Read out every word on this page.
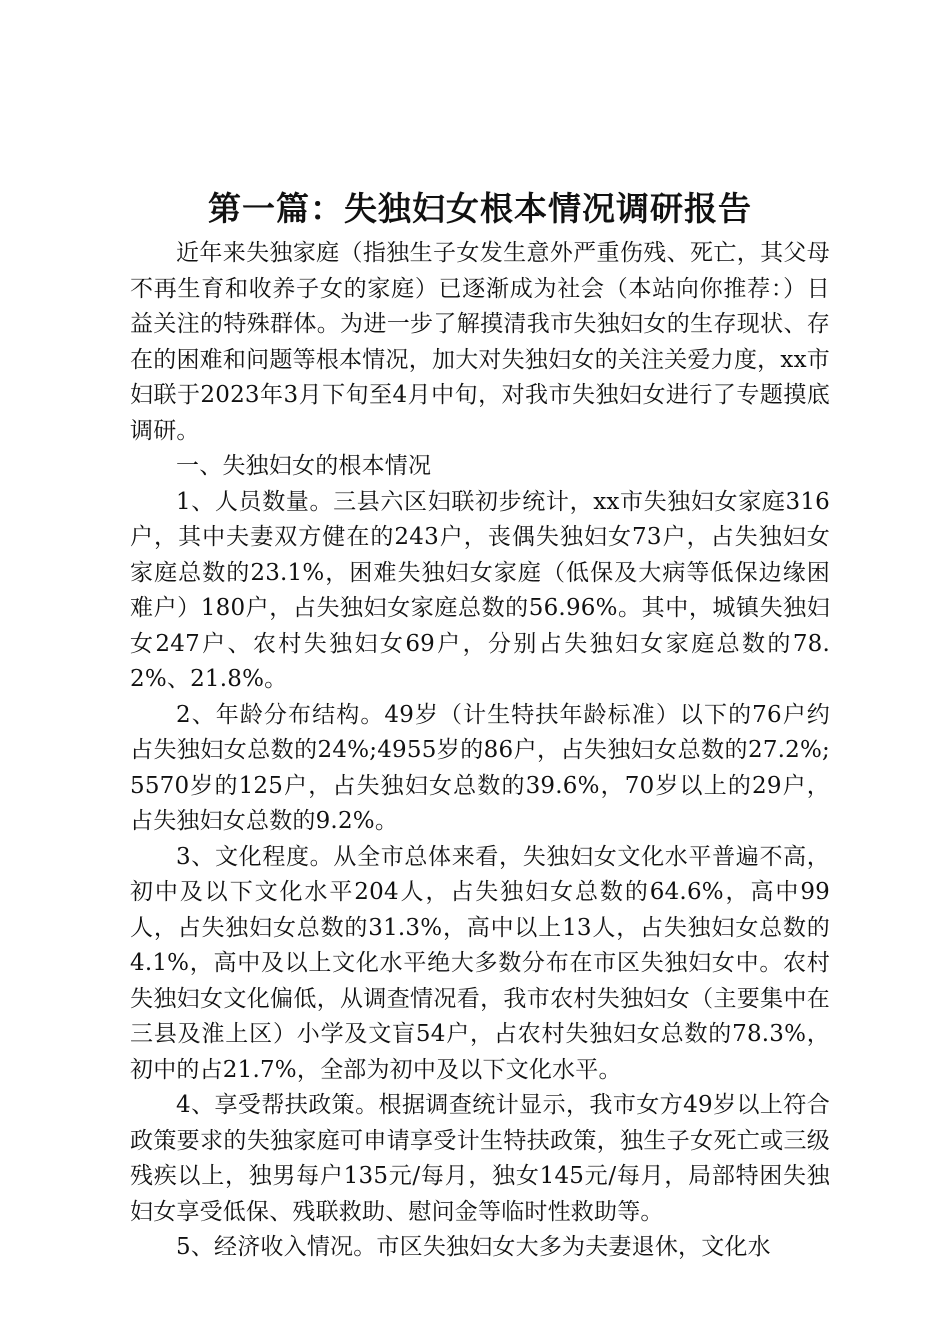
第一篇：失独妇女根本情况调研报告

近年来失独家庭（指独生子女发生意外严重伤残、死亡，其父母不再生育和收养子女的家庭）已逐渐成为社会（本站向你推荐：）日益关注的特殊群体。为进一步了解摸清我市失独妇女的生存现状、存在的困难和问题等根本情况，加大对失独妇女的关注关爱力度，xx市妇联于2023年3月下旬至4月中旬，对我市失独妇女进行了专题摸底调研。

一、失独妇女的根本情况

1、人员数量。三县六区妇联初步统计，xx市失独妇女家庭316户，其中夫妻双方健在的243户，丧偶失独妇女73户，占失独妇女家庭总数的23.1%，困难失独妇女家庭（低保及大病等低保边缘困难户）180户，占失独妇女家庭总数的56.96%。其中，城镇失独妇女247户、农村失独妇女69户，分别占失独妇女家庭总数的78.2%、21.8%。

2、年龄分布结构。49岁（计生特扶年龄标准）以下的76户约占失独妇女总数的24%;4955岁的86户，占失独妇女总数的27.2%;5570岁的125户，占失独妇女总数的39.6%，70岁以上的29户，占失独妇女总数的9.2%。

3、文化程度。从全市总体来看，失独妇女文化水平普遍不高，初中及以下文化水平204人，占失独妇女总数的64.6%，高中99人，占失独妇女总数的31.3%，高中以上13人，占失独妇女总数的4.1%，高中及以上文化水平绝大多数分布在市区失独妇女中。农村失独妇女文化偏低，从调查情况看，我市农村失独妇女（主要集中在三县及淮上区）小学及文盲54户，占农村失独妇女总数的78.3%，初中的占21.7%，全部为初中及以下文化水平。

4、享受帮扶政策。根据调查统计显示，我市女方49岁以上符合政策要求的失独家庭可申请享受计生特扶政策，独生子女死亡或三级残疾以上，独男每户135元/每月，独女145元/每月，局部特困失独妇女享受低保、残联救助、慰问金等临时性救助等。

5、经济收入情况。市区失独妇女大多为夫妻退休，文化水
